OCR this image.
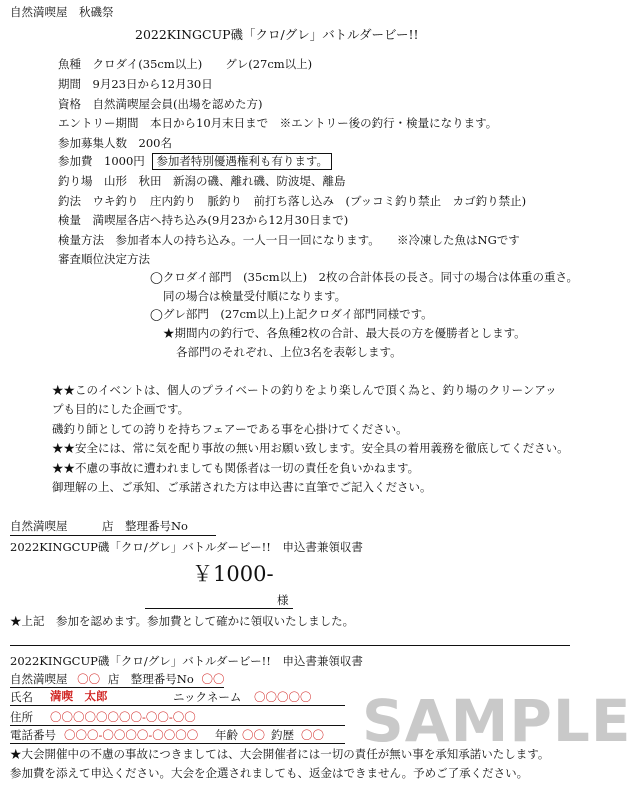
自然満喫屋　秋磯祭
2022KINGCUP磯「クロ/グレ」バトルダービー!!
魚種　クロダイ(35cm以上)　　グレ(27cm以上)
期間　9月23日から12月30日
資格　自然満喫屋会員(出場を認めた方)
エントリー期間　本日から10月末日まで　※エントリー後の釣行・検量になります。
参加募集人数　200名
参加費　1000円 参加者特別優遇権利も有ります。
釣り場　山形　秋田　新潟の磯、離れ磯、防波堤、離島
釣法　ウキ釣り　庄内釣り　脈釣り　前打ち落し込み　(ブッコミ釣り禁止　カゴ釣り禁止)
検量　満喫屋各店へ持ち込み(9月23から12月30日まで)
検量方法　参加者本人の持ち込み。一人一日一回になります。　　※冷凍した魚はNGです
審査順位決定方法
◯クロダイ部門　(35cm以上)　2枚の合計体長の長さ。同寸の場合は体重の重さ。
同の場合は検量受付順になります。
◯グレ部門　(27cm以上)上記クロダイ部門同様です。
★期間内の釣行で、各魚種2枚の合計、最大長の方を優勝者とします。
各部門のそれぞれ、上位3名を表彰します。
★★このイベントは、個人のプライベートの釣りをより楽しんで頂く為と、釣り場のクリーンアッ
プも目的にした企画です。
磯釣り師としての誇りを持ちフェアーである事を心掛けてください。
★★安全には、常に気を配り事故の無い用お願い致します。安全具の着用義務を徹底してください。
★★不慮の事故に遭われましても関係者は一切の責任を負いかねます。
御理解の上、ご承知、ご承諾された方は申込書に直筆でご記入ください。
自然満喫屋　　　店　整理番号No
2022KINGCUP磯「クロ/グレ」バトルダービー!!　申込書兼領収書
￥1000-
様
★上記　参加を認めます。参加費として確かに領収いたしました。
2022KINGCUP磯「クロ/グレ」バトルダービー!!　申込書兼領収書
自然満喫屋 〇〇 店　整理番号No 〇〇
氏名 満喫　太郎	ニックネーム 〇〇〇〇〇
住所 〇〇〇〇〇〇〇〇-〇〇-〇〇
電話番号 〇〇〇-〇〇〇〇-〇〇〇〇 年齢 〇〇 釣歴 〇〇
★大会開催中の不慮の事故につきましては、大会開催者には一切の責任が無い事を承知承諾いたします。
参加費を添えて申込ください。大会を企選されましても、返金はできません。予めご了承ください。
SAMPLE
